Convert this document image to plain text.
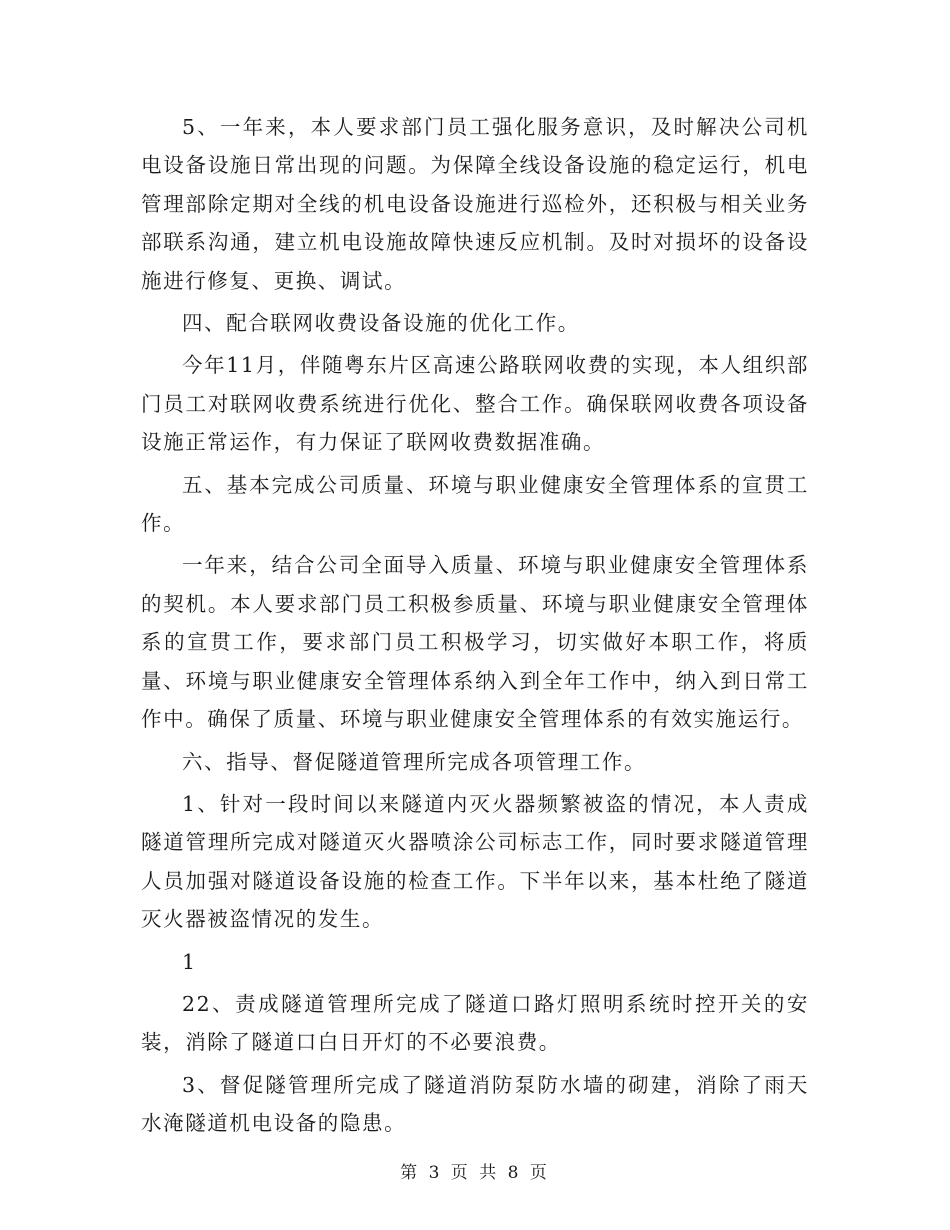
5、一年来，本人要求部门员工强化服务意识，及时解决公司机电设备设施日常出现的问题。为保障全线设备设施的稳定运行，机电管理部除定期对全线的机电设备设施进行巡检外，还积极与相关业务部联系沟通，建立机电设施故障快速反应机制。及时对损坏的设备设施进行修复、更换、调试。

四、配合联网收费设备设施的优化工作。

今年11月，伴随粤东片区高速公路联网收费的实现，本人组织部门员工对联网收费系统进行优化、整合工作。确保联网收费各项设备设施正常运作，有力保证了联网收费数据准确。

五、基本完成公司质量、环境与职业健康安全管理体系的宣贯工作。

一年来，结合公司全面导入质量、环境与职业健康安全管理体系的契机。本人要求部门员工积极参质量、环境与职业健康安全管理体系的宣贯工作，要求部门员工积极学习，切实做好本职工作，将质量、环境与职业健康安全管理体系纳入到全年工作中，纳入到日常工作中。确保了质量、环境与职业健康安全管理体系的有效实施运行。

六、指导、督促隧道管理所完成各项管理工作。

1、针对一段时间以来隧道内灭火器频繁被盗的情况，本人责成隧道管理所完成对隧道灭火器喷涂公司标志工作，同时要求隧道管理人员加强对隧道设备设施的检查工作。下半年以来，基本杜绝了隧道灭火器被盗情况的发生。

1

22、责成隧道管理所完成了隧道口路灯照明系统时控开关的安装，消除了隧道口白日开灯的不必要浪费。

3、督促隧管理所完成了隧道消防泵防水墙的砌建，消除了雨天水淹隧道机电设备的隐患。

第 3 页 共 8 页
